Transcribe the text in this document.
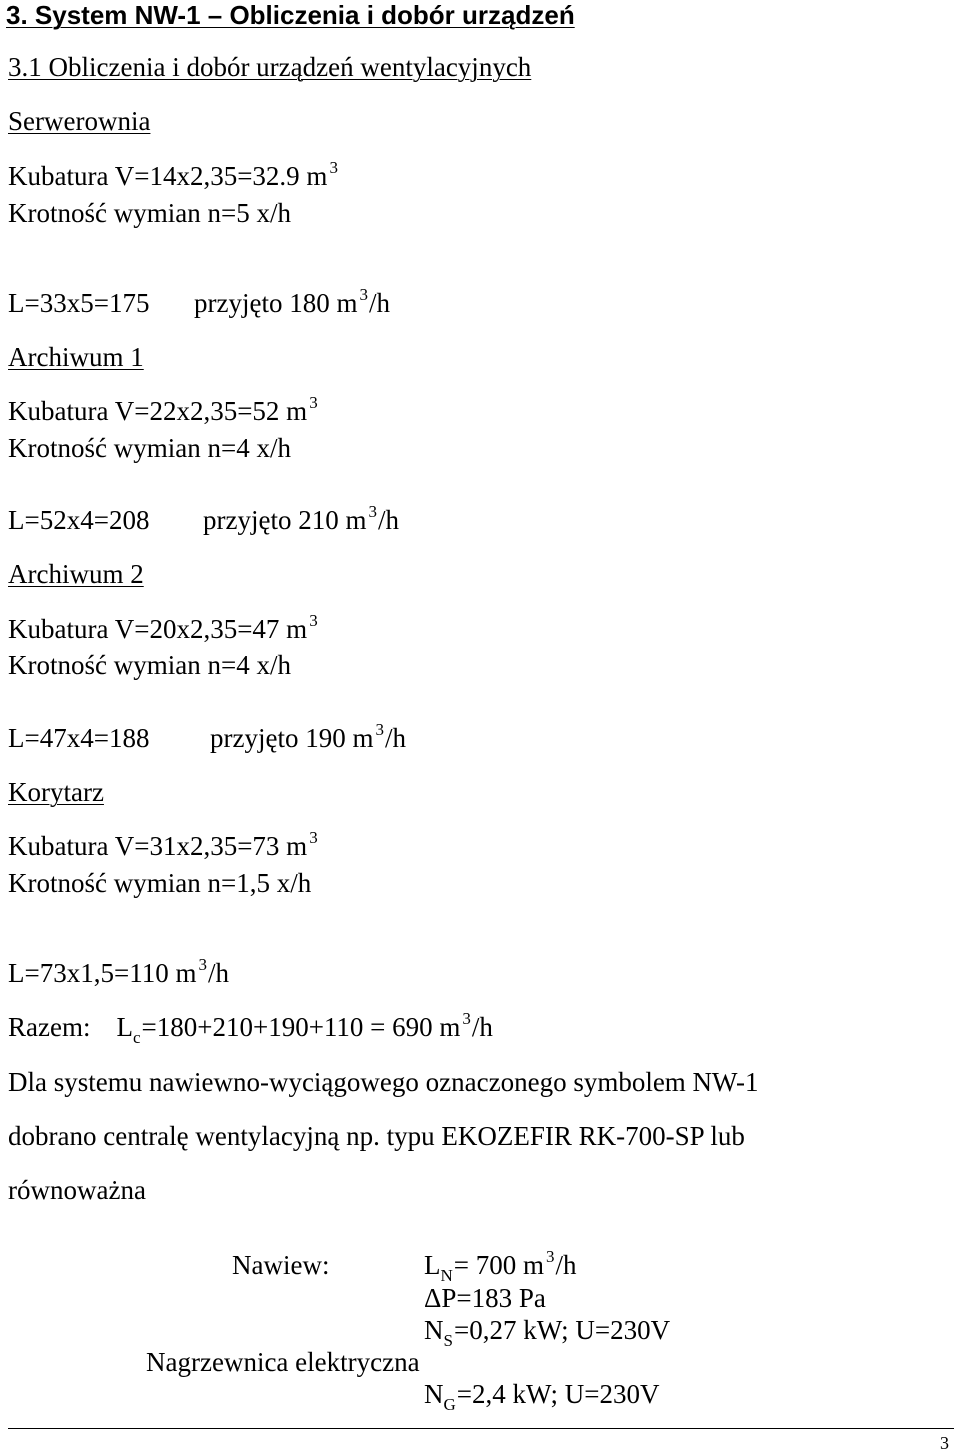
3. System NW-1 – Obliczenia i dobór urządzeń
3.1 Obliczenia i dobór urządzeń wentylacyjnych
Serwerownia
Kubatura V=14x2,35=32.9 m $^3$
Krotność wymian n=5 x/h
L=33x5=175 przyjęto 180 m $^3$/h
Archiwum 1
Kubatura V=22x2,35=52 m $^3$
Krotność wymian n=4 x/h
L=52x4=208 przyjęto 210 m $^3$/h
Archiwum 2
Kubatura V=20x2,35=47 m $^3$
Krotność wymian n=4 x/h
L=47x4=188 przyjęto 190 m $^3$/h
Korytarz
Kubatura V=31x2,35=73 m $^3$
Krotność wymian n=1,5 x/h
L=73x1,5=110 m $^3$/h
Razem: $L_c=180+210+190+110 = 690$ m $^3$/h
Dla systemu nawiewno-wyciągowego oznaczonego symbolem NW-1
dobrano centralę wentylacyjną np. typu EKOZEFIR RK-700-SP lub
równoważna
Nawiew:	$L_N= 700$ m $^3$/h
ΔP=183 Pa
$N_S=0,27$ kW; U=230V
Nagrzewnica elektryczna
$N_G=2,4$ kW; U=230V
3
